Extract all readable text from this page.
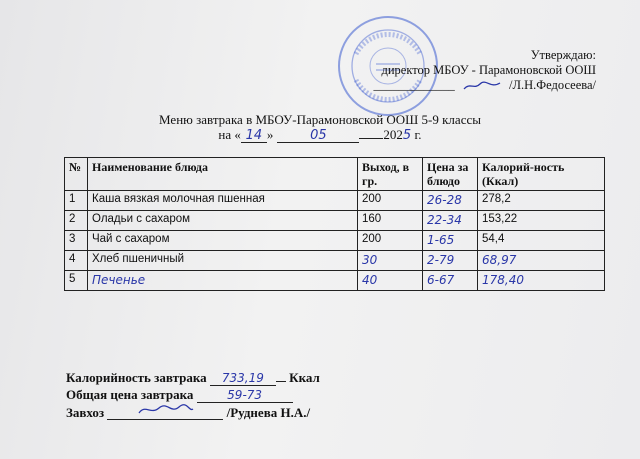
Утверждаю:
директор МБОУ - Парамоновской ООШ
_____________	/Л.Н.Федосеева/
Меню завтрака в МБОУ-Парамоновской ООШ 5-9 классы
на « 14 »	05	2025 г.
№	Наименование блюда	Выход, в гр.	Цена за блюдо	Калорий-ность (Ккал)
1	Каша вязкая молочная пшенная	200	26-28	278,2
2	Оладьи с сахаром	160	22-34	153,22
3	Чай с сахаром	200	1-65	54,4
4	Хлеб пшеничный	30	2-79	68,97
5	Печенье	40	6-67	178,40
Калорийность завтрака 733,19 Ккал
Общая цена завтрака	59-73
Завхоз	/Руднева Н.А./
